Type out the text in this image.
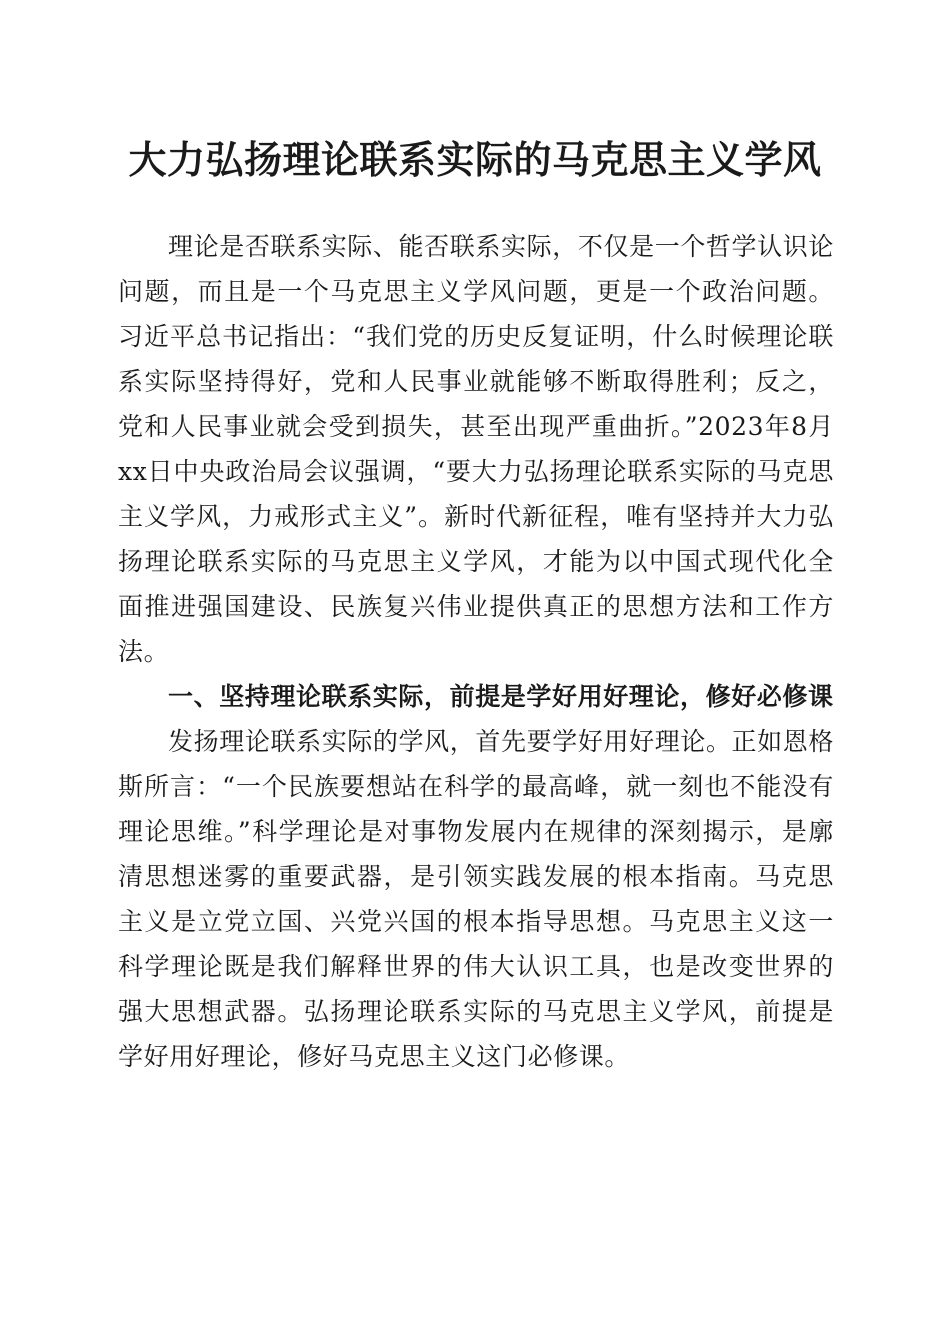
大力弘扬理论联系实际的马克思主义学风

理论是否联系实际、能否联系实际，不仅是一个哲学认识论问题，而且是一个马克思主义学风问题，更是一个政治问题。习近平总书记指出：“我们党的历史反复证明，什么时候理论联系实际坚持得好，党和人民事业就能够不断取得胜利；反之，党和人民事业就会受到损失，甚至出现严重曲折。”2023年8月xx日中央政治局会议强调，“要大力弘扬理论联系实际的马克思主义学风，力戒形式主义”。新时代新征程，唯有坚持并大力弘扬理论联系实际的马克思主义学风，才能为以中国式现代化全面推进强国建设、民族复兴伟业提供真正的思想方法和工作方法。

一、坚持理论联系实际，前提是学好用好理论，修好必修课

发扬理论联系实际的学风，首先要学好用好理论。正如恩格斯所言：“一个民族要想站在科学的最高峰，就一刻也不能没有理论思维。”科学理论是对事物发展内在规律的深刻揭示，是廓清思想迷雾的重要武器，是引领实践发展的根本指南。马克思主义是立党立国、兴党兴国的根本指导思想。马克思主义这一科学理论既是我们解释世界的伟大认识工具，也是改变世界的强大思想武器。弘扬理论联系实际的马克思主义学风，前提是学好用好理论，修好马克思主义这门必修课。
